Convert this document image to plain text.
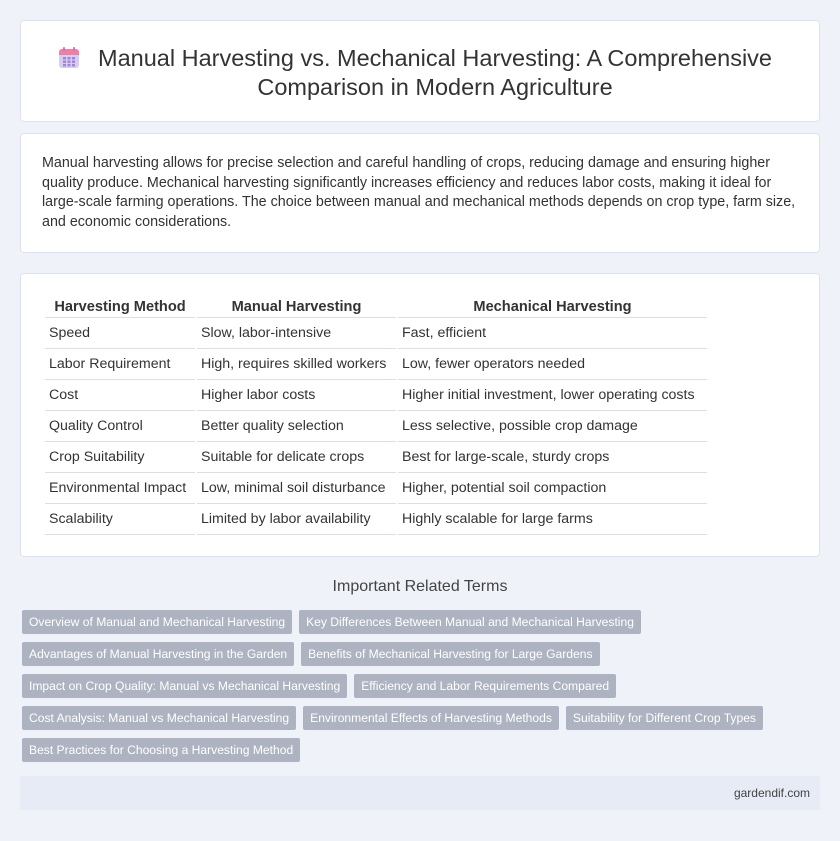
Manual Harvesting vs. Mechanical Harvesting: A Comprehensive Comparison in Modern Agriculture

Manual harvesting allows for precise selection and careful handling of crops, reducing damage and ensuring higher quality produce. Mechanical harvesting significantly increases efficiency and reduces labor costs, making it ideal for large-scale farming operations. The choice between manual and mechanical methods depends on crop type, farm size, and economic considerations.

Harvesting Method	Manual Harvesting	Mechanical Harvesting
Speed	Slow, labor-intensive	Fast, efficient
Labor Requirement	High, requires skilled workers	Low, fewer operators needed
Cost	Higher labor costs	Higher initial investment, lower operating costs
Quality Control	Better quality selection	Less selective, possible crop damage
Crop Suitability	Suitable for delicate crops	Best for large-scale, sturdy crops
Environmental Impact	Low, minimal soil disturbance	Higher, potential soil compaction
Scalability	Limited by labor availability	Highly scalable for large farms
Important Related Terms
Overview of Manual and Mechanical Harvesting	Key Differences Between Manual and Mechanical Harvesting
Advantages of Manual Harvesting in the Garden	Benefits of Mechanical Harvesting for Large Gardens
Impact on Crop Quality: Manual vs Mechanical Harvesting	Efficiency and Labor Requirements Compared
Cost Analysis: Manual vs Mechanical Harvesting	Environmental Effects of Harvesting Methods	Suitability for Different Crop Types
Best Practices for Choosing a Harvesting Method
gardendif.com
